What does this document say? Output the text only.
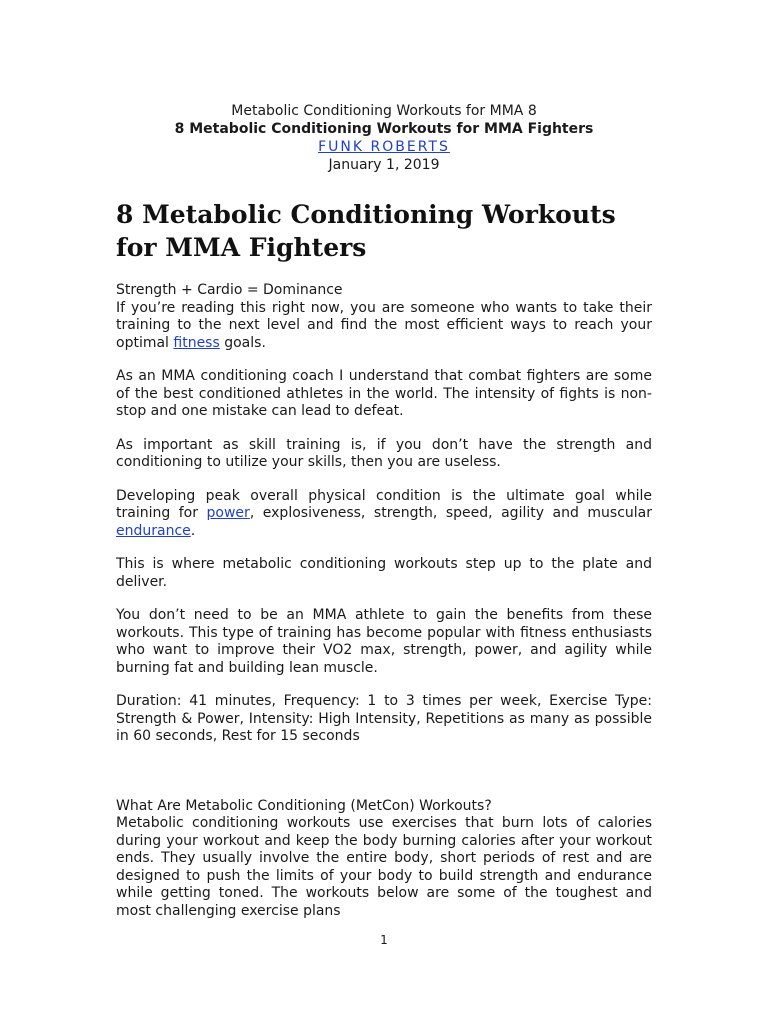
Metabolic Conditioning Workouts for MMA 8
8 Metabolic Conditioning Workouts for MMA Fighters
FUNK ROBERTS
January 1, 2019
8 Metabolic Conditioning Workouts for MMA Fighters

Strength + Cardio = Dominance

If you’re reading this right now, you are someone who wants to take their training to the next level and find the most efficient ways to reach your optimal fitness goals.

As an MMA conditioning coach I understand that combat fighters are some of the best conditioned athletes in the world. The intensity of fights is non-stop and one mistake can lead to defeat.

As important as skill training is, if you don’t have the strength and conditioning to utilize your skills, then you are useless.

Developing peak overall physical condition is the ultimate goal while training for power, explosiveness, strength, speed, agility and muscular endurance.

This is where metabolic conditioning workouts step up to the plate and deliver.

You don’t need to be an MMA athlete to gain the benefits from these workouts. This type of training has become popular with fitness enthusiasts who want to improve their VO2 max, strength, power, and agility while burning fat and building lean muscle.

Duration: 41 minutes, Frequency: 1 to 3 times per week, Exercise Type: Strength & Power, Intensity: High Intensity, Repetitions as many as possible in 60 seconds, Rest for 15 seconds

What Are Metabolic Conditioning (MetCon) Workouts?

Metabolic conditioning workouts use exercises that burn lots of calories during your workout and keep the body burning calories after your workout ends. They usually involve the entire body, short periods of rest and are designed to push the limits of your body to build strength and endurance while getting toned. The workouts below are some of the toughest and most challenging exercise plans

1
